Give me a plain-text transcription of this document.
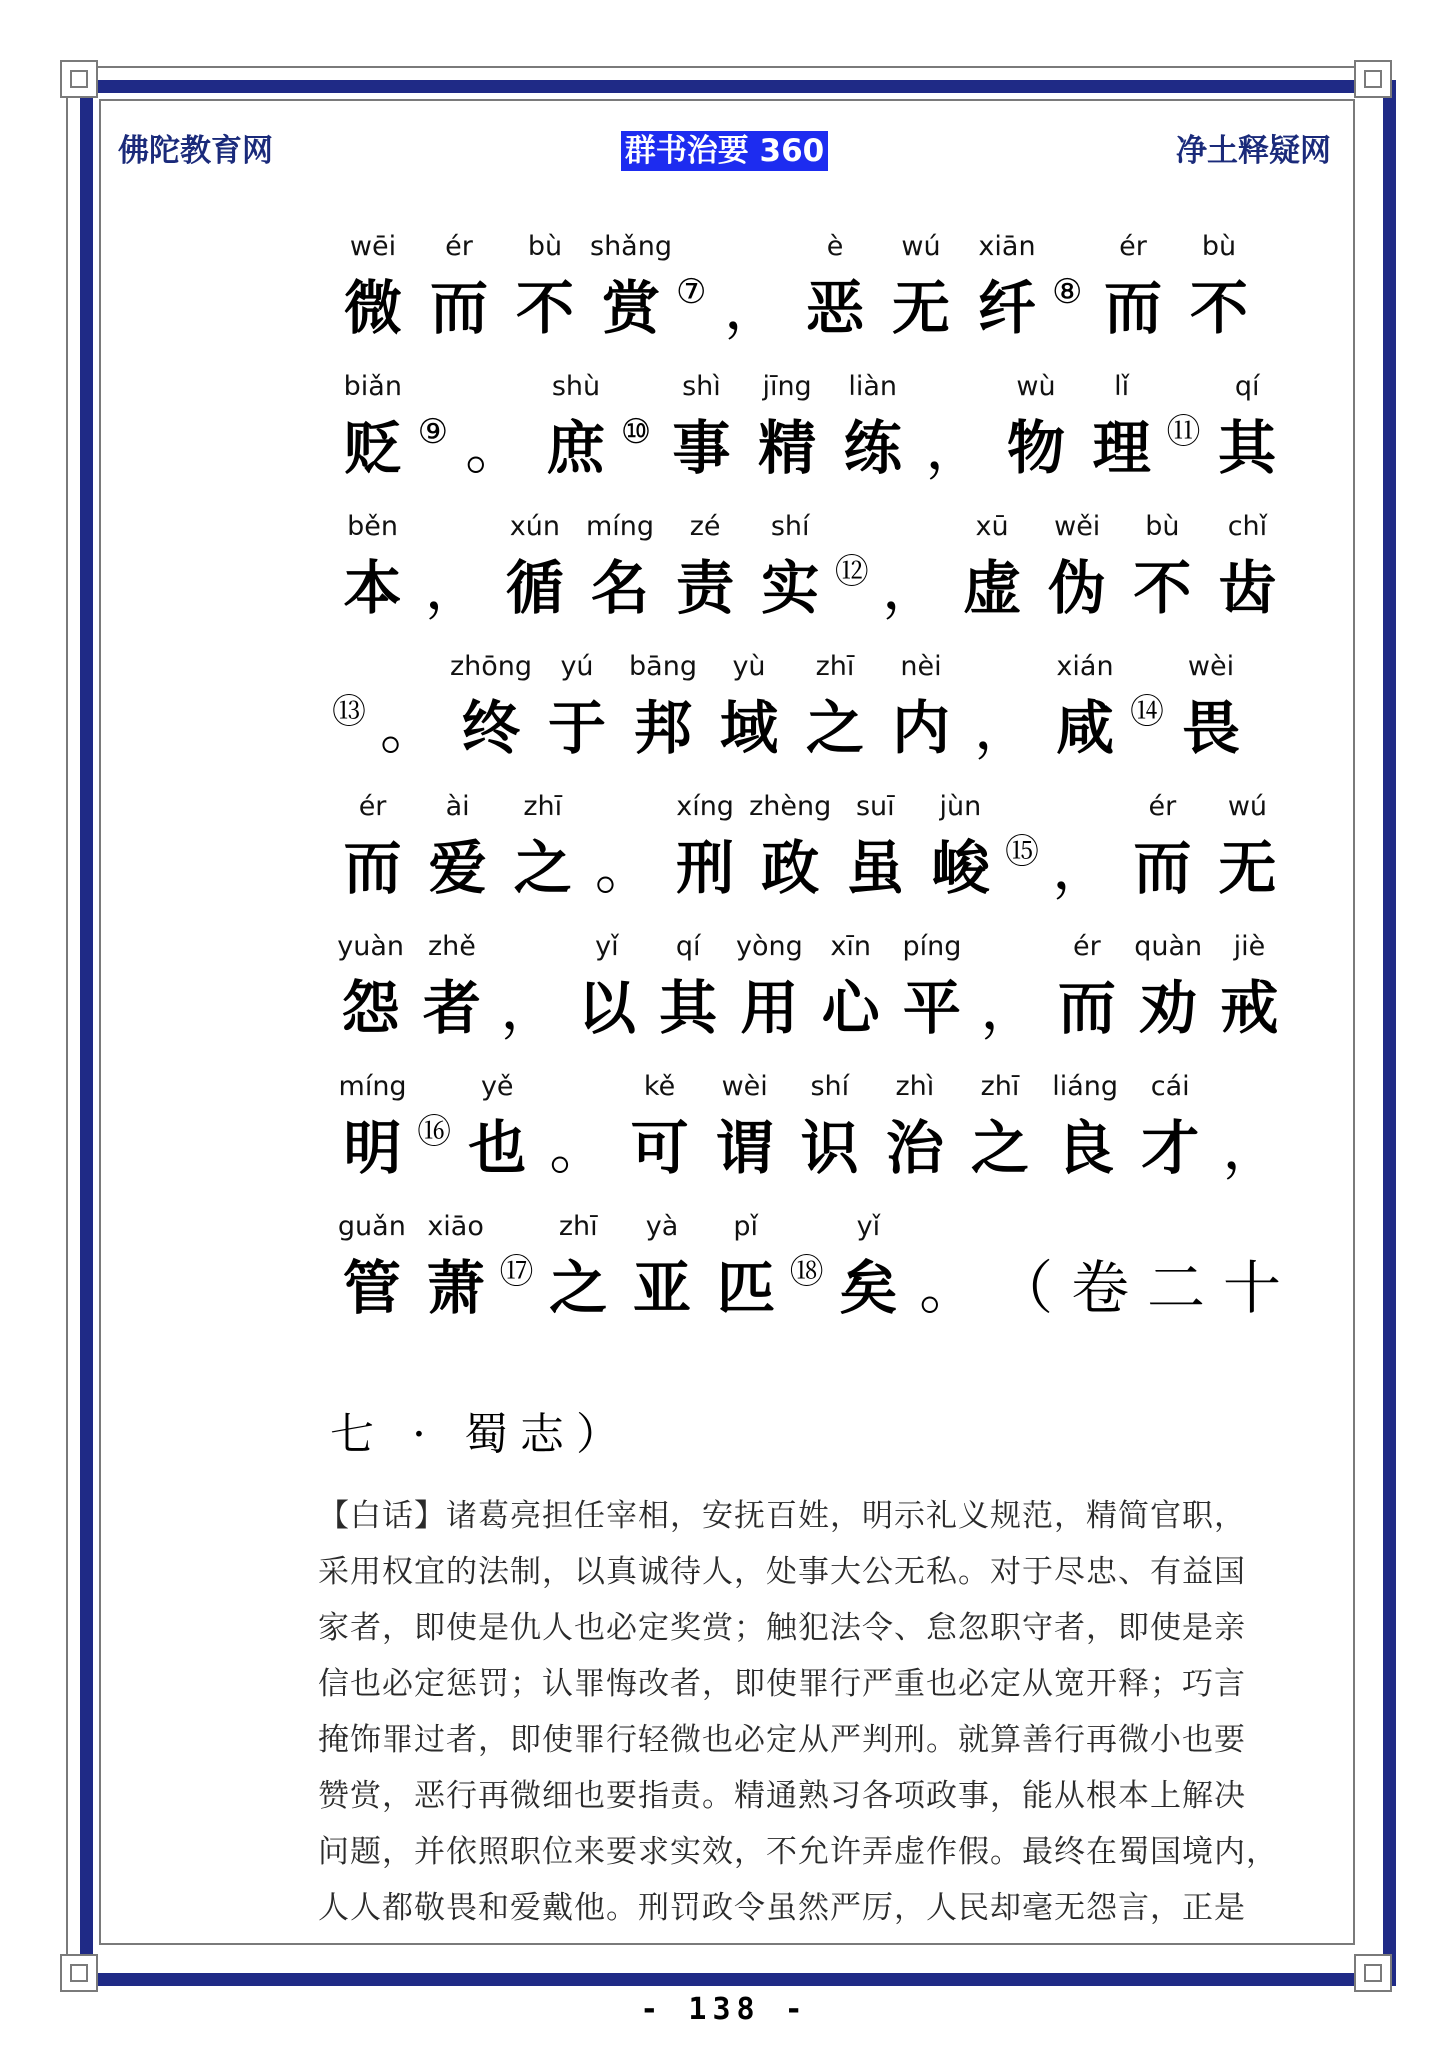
佛陀教育网	群书治要 360	净土释疑网
wēi
微
ér
而
bù
不
shǎng
赏 ⑦ ，
è
恶
wú
无
xiān
纤 ⑧
ér
而
bù
不
biǎn
贬 ⑨ 。
shù
庶 ⑩
shì
事
jīng
精
liàn
练 ，
wù
物
lǐ
理 ⑪
qí
其
běn
本 ，
xún
循
míng
名
zé
责
shí
实 ⑫ ，
xū
虚
wěi
伪
bù
不
chǐ
齿
⑬ 。
zhōng
终
yú
于
bāng
邦
yù
域
zhī
之
nèi
内 ，
xián
咸 ⑭
wèi
畏
ér
而
ài
爱
zhī
之 。
xíng
刑
zhèng
政
suī
虽
jùn
峻 ⑮ ，
ér
而
wú
无
yuàn
怨
zhě
者 ，
yǐ
以
qí
其
yòng
用
xīn
心
píng
平 ，
ér
而
quàn
劝
jiè
戒
míng
明 ⑯
yě
也 。
kě
可
wèi
谓
shí
识
zhì
治
zhī
之
liáng
良
cái
才 ，
guǎn
管
xiāo
萧 ⑰
zhī
之
yà
亚
pǐ
匹 ⑱
yǐ
矣 。 （ 卷 二 十
七 · 蜀志）

【白话】诸葛亮担任宰相，安抚百姓，明示礼义规范，精简官职，

采用权宜的法制，以真诚待人，处事大公无私。对于尽忠、有益国

家者，即使是仇人也必定奖赏；触犯法令、怠忽职守者，即使是亲

信也必定惩罚；认罪悔改者，即使罪行严重也必定从宽开释；巧言

掩饰罪过者，即使罪行轻微也必定从严判刑。就算善行再微小也要

赞赏，恶行再微细也要指责。精通熟习各项政事，能从根本上解决

问题，并依照职位来要求实效，不允许弄虚作假。最终在蜀国境内，

人人都敬畏和爱戴他。刑罚政令虽然严厉，人民却毫无怨言，正是

- 138 -
